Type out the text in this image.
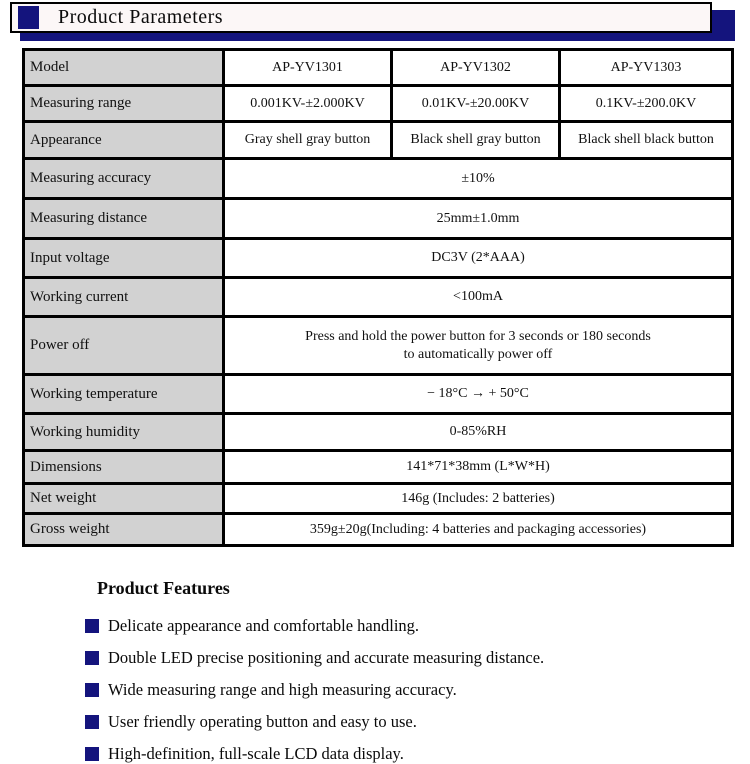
Product Parameters
Model	AP-YV1301	AP-YV1302	AP-YV1303
Measuring range	0.001KV-±2.000KV	0.01KV-±20.00KV	0.1KV-±200.0KV
Appearance	Gray shell gray button	Black shell gray button	Black shell black button
Measuring accuracy	±10%		
Measuring distance	25mm±1.0mm		
Input voltage	DC3V (2*AAA)		
Working current	<100mA		
Power off	Press and hold the power button for 3 seconds or 180 seconds
to automatically power off		

Working temperature	− 18°C → + 50°C		
Working humidity	0-85%RH		
Dimensions	141*71*38mm (L*W*H)		
Net weight	146g (Includes: 2 batteries)		
Gross weight	359g±20g(Including: 4 batteries and packaging accessories)		
Product Features
Delicate appearance and comfortable handling.
Double LED precise positioning and accurate measuring distance.
Wide measuring range and high measuring accuracy.
User friendly operating button and easy to use.
High-definition, full-scale LCD data display.
